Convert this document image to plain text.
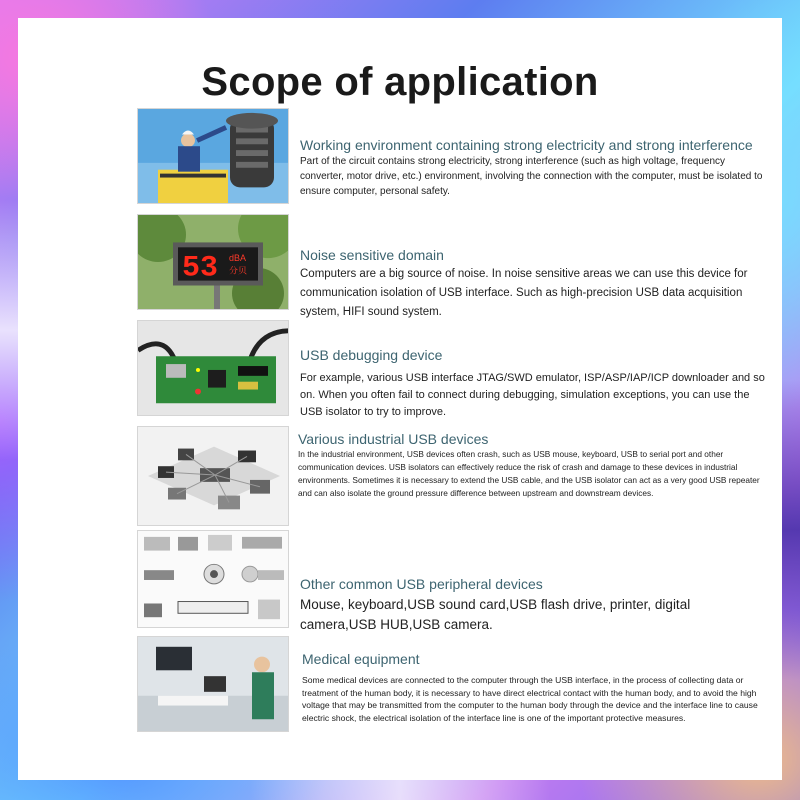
Scope of application
Working environment containing strong electricity and strong interference

Part of the circuit contains strong electricity, strong interference (such as high voltage, frequency converter, motor drive, etc.) environment, involving the connection with the computer, must be isolated to ensure computer, personal safety.

53 dBA
分贝
Noise sensitive domain

Computers are a big source of noise. In noise sensitive areas we can use this device for communication isolation of USB interface. Such as high-precision USB data acquisition system, HIFI sound system.

USB debugging device

For example, various USB interface JTAG/SWD emulator, ISP/ASP/IAP/ICP downloader and so on. When you often fail to connect during debugging, simulation exceptions, you can use the USB isolator to try to improve.

Various industrial USB devices

In the industrial environment, USB devices often crash, such as USB mouse, keyboard, USB to serial port and other communication devices. USB isolators can effectively reduce the risk of crash and damage to these devices in industrial environments. Sometimes it is necessary to extend the USB cable, and the USB isolator can act as a very good USB repeater and can also isolate the ground pressure difference between upstream and downstream devices.

Other common USB peripheral devices

Mouse, keyboard,USB sound card,USB flash drive, printer, digital camera,USB HUB,USB camera.

Medical equipment

Some medical devices are connected to the computer through the USB interface, in the process of collecting data or treatment of the human body, it is necessary to have direct electrical contact with the human body, and to avoid the high voltage that may be transmitted from the computer to the human body through the device and the interface line to cause electric shock, the electrical isolation of the interface line is one of the important protective measures.
